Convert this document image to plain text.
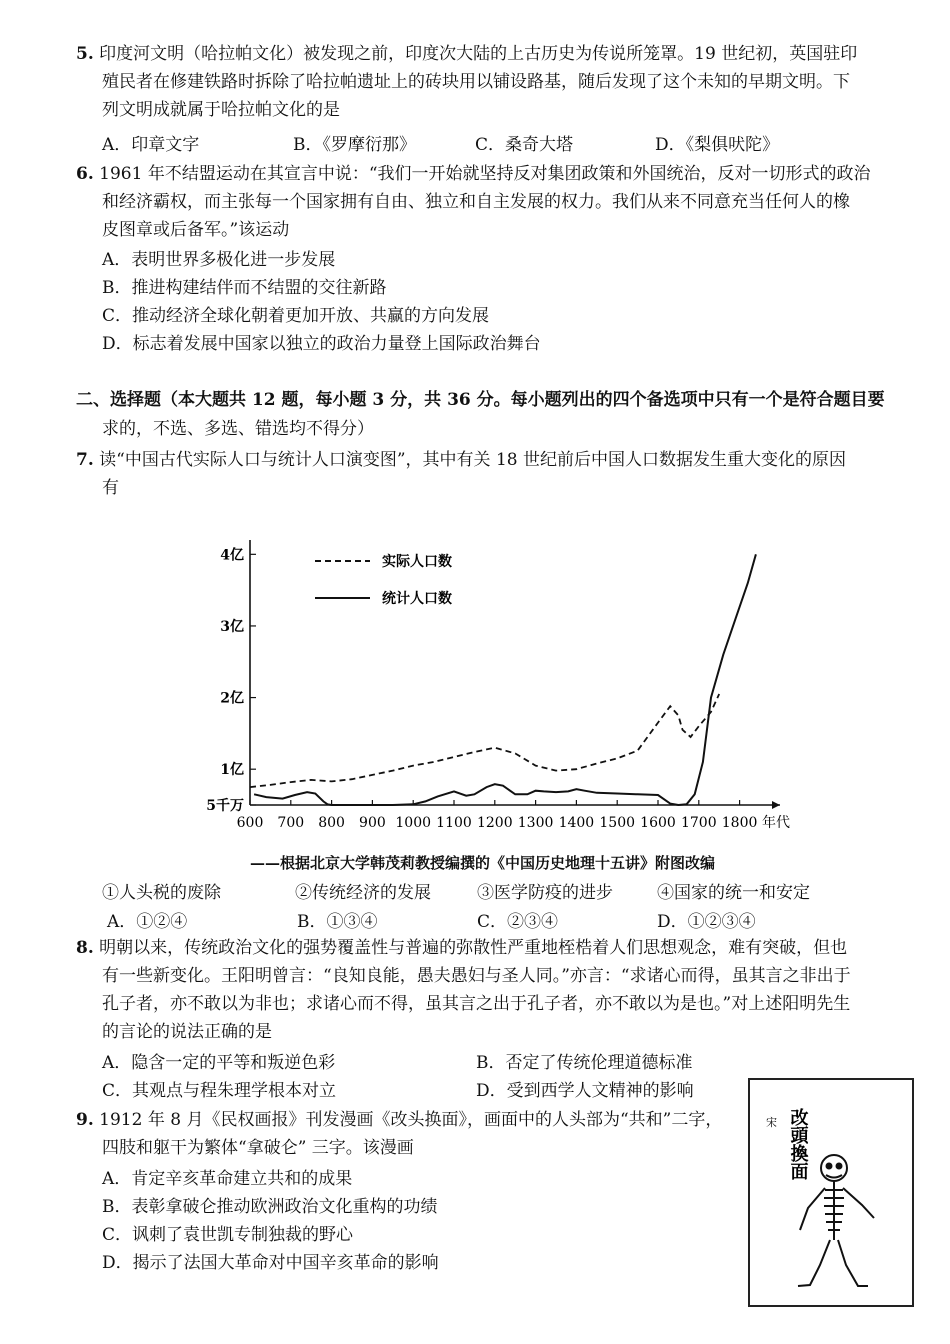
5. 印度河文明（哈拉帕文化）被发现之前，印度次大陆的上古历史为传说所笼罩。19 世纪初，英国驻印
殖民者在修建铁路时拆除了哈拉帕遗址上的砖块用以铺设路基，随后发现了这个未知的早期文明。下
列文明成就属于哈拉帕文化的是
A．印章文字	B．《罗摩衍那》	C．桑奇大塔	D．《梨俱吠陀》
6. 1961 年不结盟运动在其宣言中说：“我们一开始就坚持反对集团政策和外国统治，反对一切形式的政治
和经济霸权，而主张每一个国家拥有自由、独立和自主发展的权力。我们从来不同意充当任何人的橡
皮图章或后备军。”该运动
A．表明世界多极化进一步发展
B．推进构建结伴而不结盟的交往新路
C．推动经济全球化朝着更加开放、共赢的方向发展
D．标志着发展中国家以独立的政治力量登上国际政治舞台
二、选择题（本大题共 12 题，每小题 3 分，共 36 分。每小题列出的四个备选项中只有一个是符合题目要
求的，不选、多选、错选均不得分）
7. 读“中国古代实际人口与统计人口演变图”，其中有关 18 世纪前后中国人口数据发生重大变化的原因
有
600 700 800 900 1000 1100 1200 1300 1400 1500 1600 1700 1800 年代
5千万
1亿
2亿
3亿
4亿	实际人口数
统计人口数
——根据北京大学韩茂莉教授编撰的《中国历史地理十五讲》附图改编
①人头税的废除	②传统经济的发展	③医学防疫的进步	④国家的统一和安定
A．①②④	B．①③④	C．②③④	D．①②③④
8. 明朝以来，传统政治文化的强势覆盖性与普遍的弥散性严重地桎梏着人们思想观念，难有突破，但也
有一些新变化。王阳明曾言：“良知良能，愚夫愚妇与圣人同。”亦言：“求诸心而得，虽其言之非出于
孔子者，亦不敢以为非也；求诸心而不得，虽其言之出于孔子者，亦不敢以为是也。”对上述阳明先生
的言论的说法正确的是
A．隐含一定的平等和叛逆色彩	B．否定了传统伦理道德标准
C．其观点与程朱理学根本对立	D．受到西学人文精神的影响
9. 1912 年 8 月《民权画报》刊发漫画《改头换面》，画面中的人头部为“共和”二字，
四肢和躯干为繁体“拿破仑” 三字。该漫画
A．肯定辛亥革命建立共和的成果
B．表彰拿破仑推动欧洲政治文化重构的功绩
C．讽刺了袁世凯专制独裁的野心
D．揭示了法国大革命对中国辛亥革命的影响
改頭換面
宋
